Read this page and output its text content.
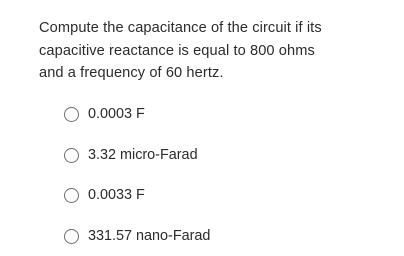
Compute the capacitance of the circuit if its
capacitive reactance is equal to 800 ohms
and a frequency of 60 hertz.

0.0003 F
3.32 micro-Farad
0.0033 F
331.57 nano-Farad
